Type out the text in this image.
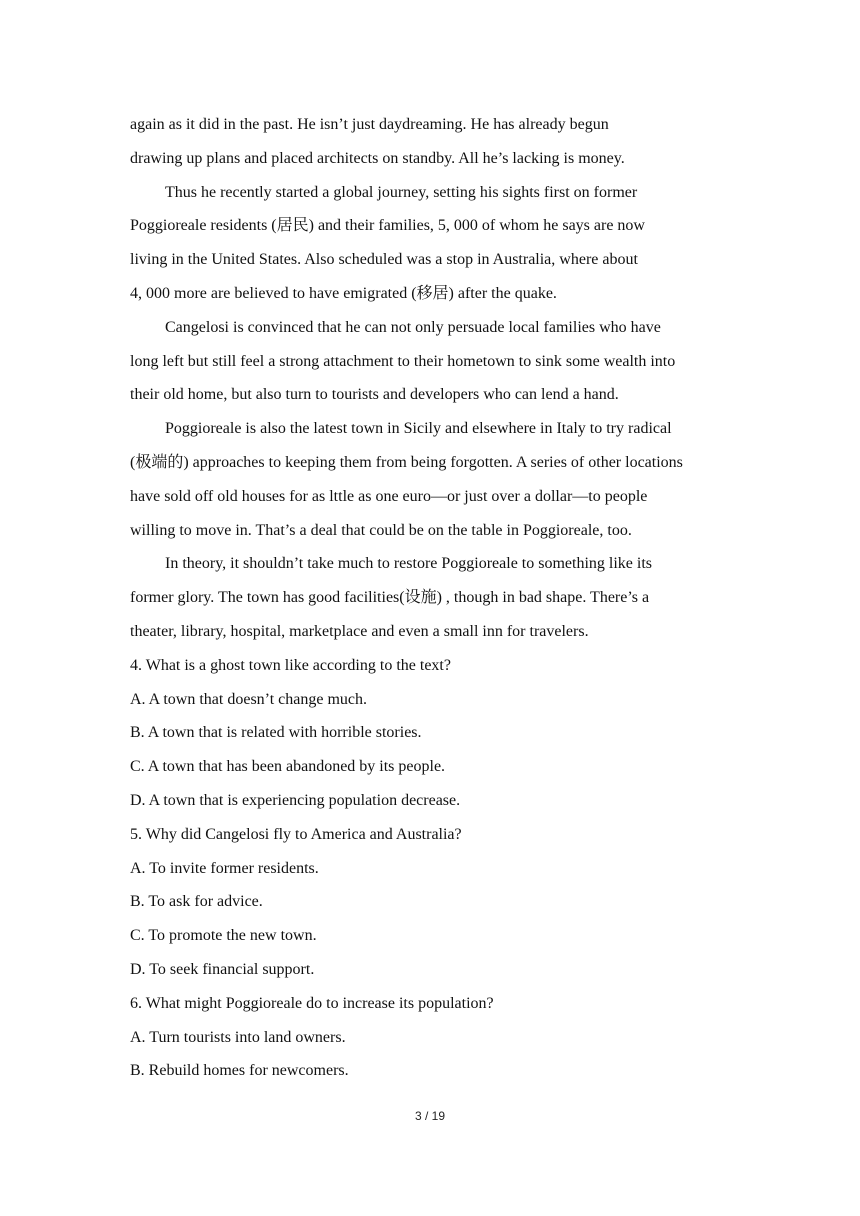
again as it did in the past. He isn’t just daydreaming. He has already begun
drawing up plans and placed architects on standby. All he’s lacking is money.
Thus he recently started a global journey, setting his sights first on former
Poggioreale residents (居民) and their families, 5, 000 of whom he says are now
living in the United States. Also scheduled was a stop in Australia, where about
4, 000 more are believed to have emigrated (移居) after the quake.
Cangelosi is convinced that he can not only persuade local families who have
long left but still feel a strong attachment to their hometown to sink some wealth into
their old home, but also turn to tourists and developers who can lend a hand.
Poggioreale is also the latest town in Sicily and elsewhere in Italy to try radical
(极端的) approaches to keeping them from being forgotten. A series of other locations
have sold off old houses for as lttle as one euro—or just over a dollar—to people
willing to move in. That’s a deal that could be on the table in Poggioreale, too.
In theory, it shouldn’t take much to restore Poggioreale to something like its
former glory. The town has good facilities(设施) , though in bad shape. There’s a
theater, library, hospital, marketplace and even a small inn for travelers.
4. What is a ghost town like according to the text?
A. A town that doesn’t change much.
B. A town that is related with horrible stories.
C. A town that has been abandoned by its people.
D. A town that is experiencing population decrease.
5. Why did Cangelosi fly to America and Australia?
A. To invite former residents.
B. To ask for advice.
C. To promote the new town.
D. To seek financial support.
6. What might Poggioreale do to increase its population?
A. Turn tourists into land owners.
B. Rebuild homes for newcomers.
3 / 19
